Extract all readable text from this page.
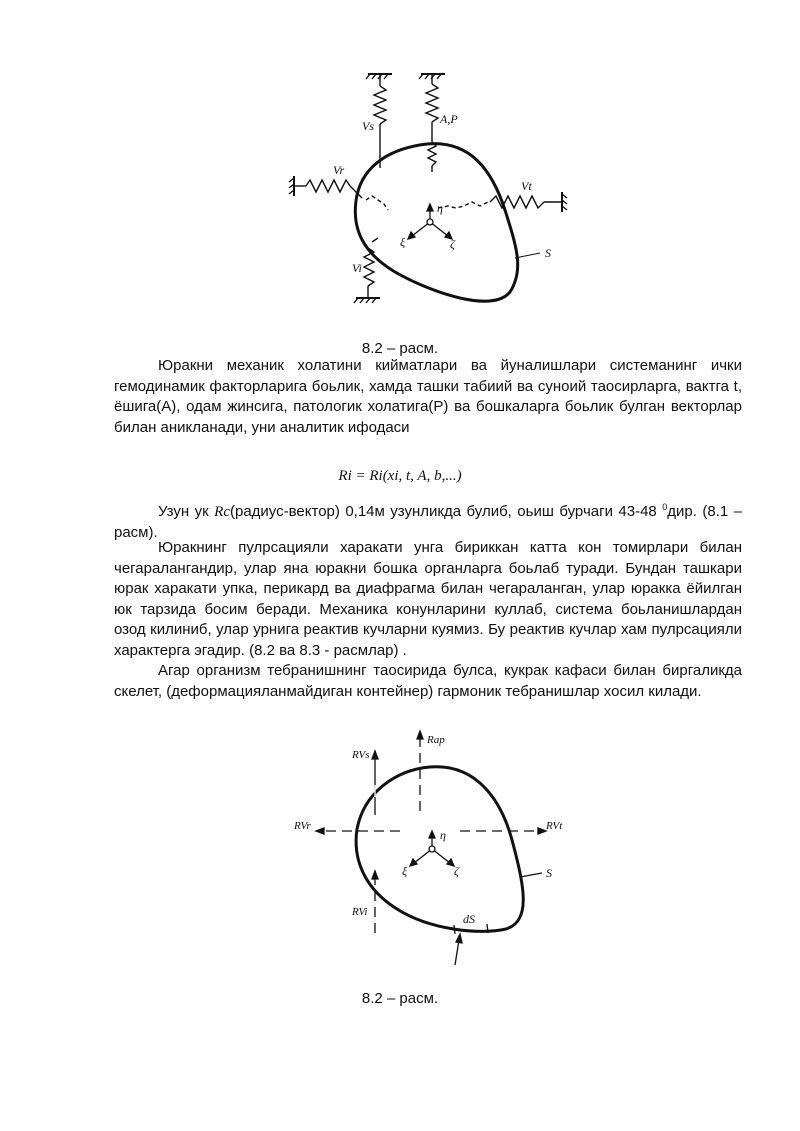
Vs	A,P
Vr
Vt
Vi
η
ξ	ζ
S
8.2 – расм.

Юракни механик холатини кийматлари ва йуналишлари системанинг ички гемодинамик факторларига боьлик, хамда ташки табиий ва суноий таосирларга, вактга t, ёшига(A), одам жинсига, патологик холатига(P) ва бошкаларга боьлик булган векторлар билан аникланади, уни аналитик ифодаси

Ri = Ri(xi, t, A, b,...)

Узун ук Rc(радиус-вектор) 0,14м узунликда булиб, оьиш бурчаги 43-48 $^0$дир. (8.1 – расм).

Юракнинг пулрсацияли харакати унга бириккан катта кон томирлари билан чегаралангандир, улар яна юракни бошка органларга боьлаб туради. Бундан ташкари юрак харакати упка, перикард ва диафрагма билан чегараланган, улар юракка ёйилган юк тарзида босим беради. Механика конунларини куллаб, система боьланишлардан озод килиниб, улар урнига реактив кучларни куямиз. Бу реактив кучлар хам пулрсацияли характерга эгадир. (8.2 ва 8.3 - расмлар) .

Агар организм тебранишнинг таосирида булса, кукрак кафаси билан биргаликда скелет, (деформацияланмайдиган контейнер) гармоник тебранишлар хосил килади.

RVs
Rap
RVr	RVt
RVi
η
ξ	ζ	S
dS
8.2 – расм.
